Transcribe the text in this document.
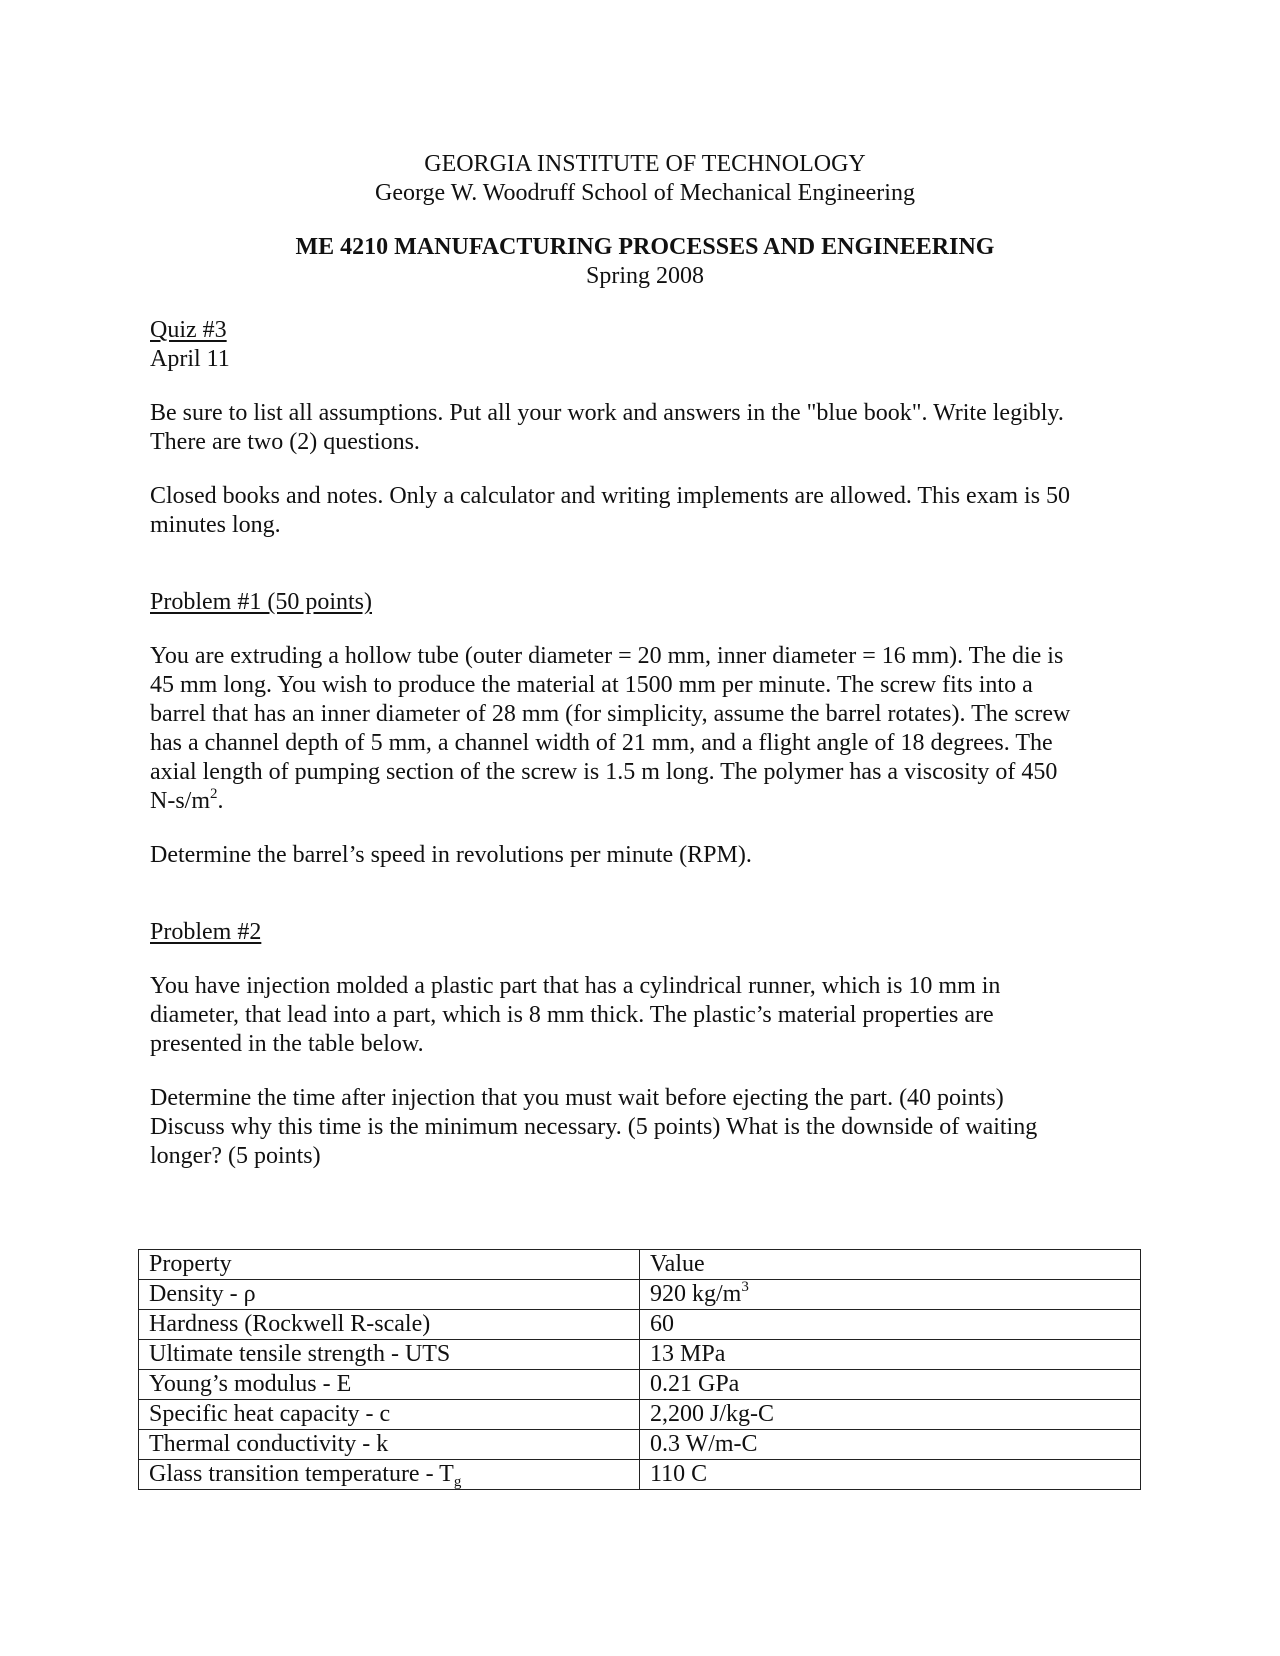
GEORGIA INSTITUTE OF TECHNOLOGY

George W. Woodruff School of Mechanical Engineering

ME 4210 MANUFACTURING PROCESSES AND ENGINEERING

Spring 2008

Quiz #3

April 11

Be sure to list all assumptions. Put all your work and answers in the "blue book". Write legibly.

There are two (2) questions.

Closed books and notes. Only a calculator and writing implements are allowed. This exam is 50

minutes long.

Problem #1 (50 points)

You are extruding a hollow tube (outer diameter = 20 mm, inner diameter = 16 mm). The die is

45 mm long. You wish to produce the material at 1500 mm per minute. The screw fits into a

barrel that has an inner diameter of 28 mm (for simplicity, assume the barrel rotates). The screw

has a channel depth of 5 mm, a channel width of 21 mm, and a flight angle of 18 degrees. The

axial length of pumping section of the screw is 1.5 m long. The polymer has a viscosity of 450

$N-s/m^2$.

Determine the barrel’s speed in revolutions per minute (RPM).

Problem #2

You have injection molded a plastic part that has a cylindrical runner, which is 10 mm in

diameter, that lead into a part, which is 8 mm thick. The plastic’s material properties are

presented in the table below.

Determine the time after injection that you must wait before ejecting the part. (40 points)

Discuss why this time is the minimum necessary. (5 points) What is the downside of waiting

longer? (5 points)

Property	Value
Density - ρ	920 $kg/m^3$
Hardness (Rockwell R-scale)	60
Ultimate tensile strength - UTS	13 MPa
Young’s modulus - E	0.21 GPa
Specific heat capacity - c	2,200 J/kg-C
Thermal conductivity - k	0.3 W/m-C
Glass transition temperature - $T_g$	110 C
